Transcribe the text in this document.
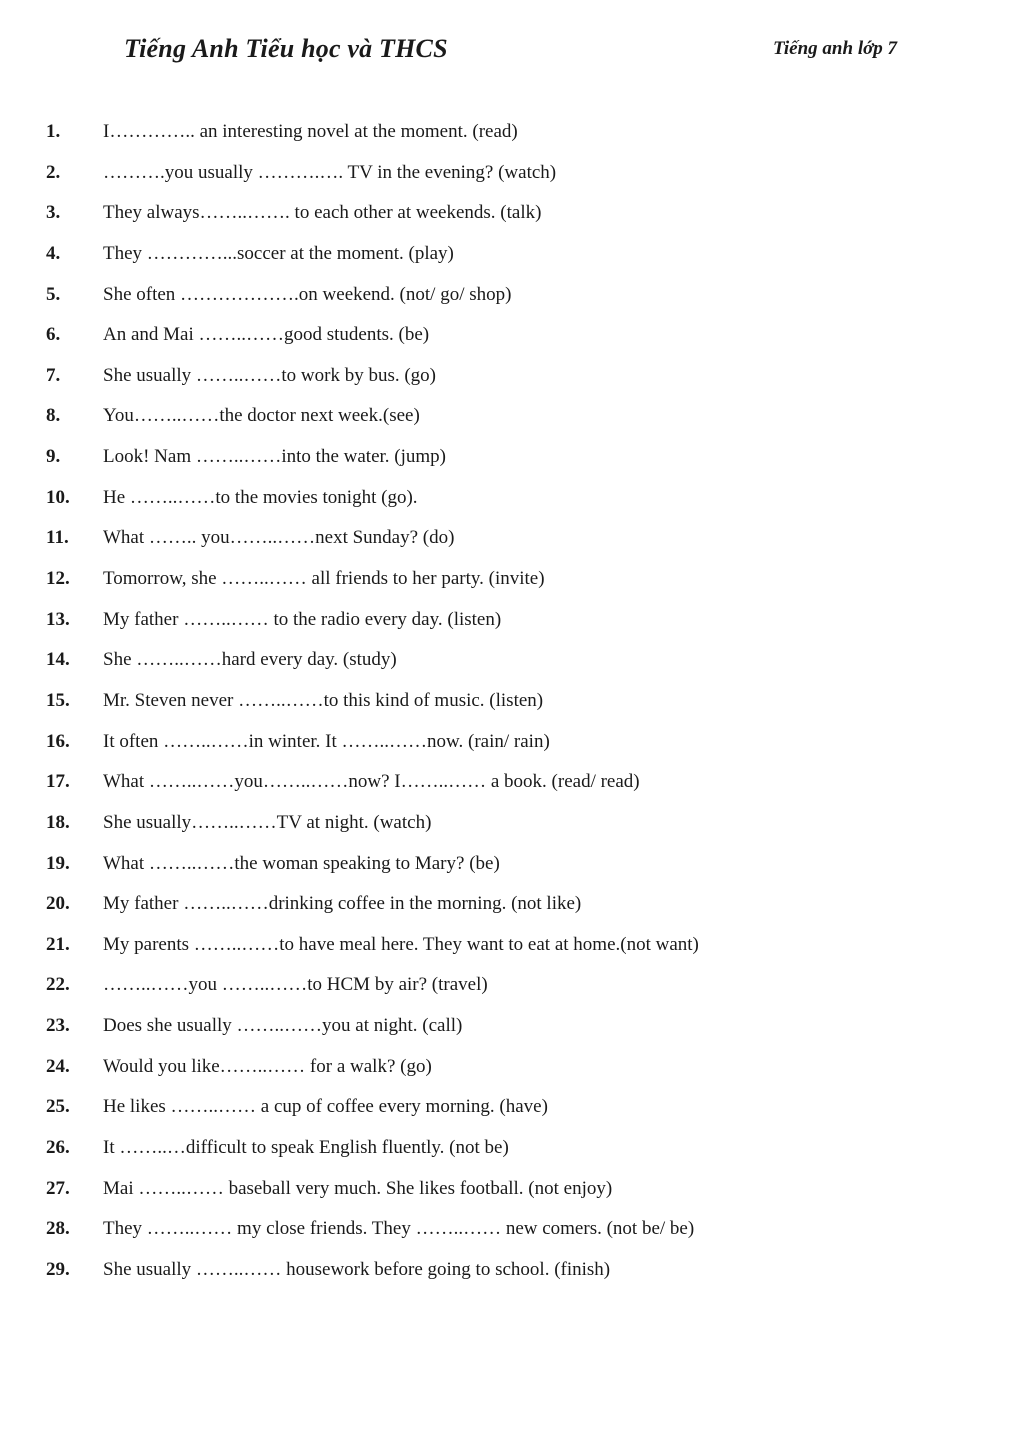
Tiếng Anh Tiểu học và THCS	Tiếng anh lớp 7
1. I………….. an interesting novel at the moment. (read)
2. ……….you usually ……….…. TV in the evening? (watch)
3. They always……..……. to each other at weekends. (talk)
4. They …………...soccer at the moment. (play)
5. She often ……………….on weekend. (not/ go/ shop)
6. An and Mai ……..……good students. (be)
7. She usually ……..……to work by bus. (go)
8. You……..……the doctor next week.(see)
9. Look! Nam ……..……into the water. (jump)
10. He ……..……to the movies tonight (go).
11. What …….. you……..……next Sunday? (do)
12. Tomorrow, she ……..…… all friends to her party. (invite)
13. My father ……..…… to the radio every day. (listen)
14. She ……..……hard every day. (study)
15. Mr. Steven never ……..……to this kind of music. (listen)
16. It often ……..……in winter. It ……..……now. (rain/ rain)
17. What ……..……you……..……now? I……..…… a book. (read/ read)
18. She usually……..……TV at night. (watch)
19. What ……..……the woman speaking to Mary? (be)
20. My father ……..……drinking coffee in the morning. (not like)
21. My parents ……..……to have meal here. They want to eat at home.(not want)
22. ……..……you ……..……to HCM by air? (travel)
23. Does she usually ……..……you at night. (call)
24. Would you like……..…… for a walk? (go)
25. He likes ……..…… a cup of coffee every morning. (have)
26. It ……..…difficult to speak English fluently. (not be)
27. Mai ……..…… baseball very much. She likes football. (not enjoy)
28. They ……..…… my close friends. They ……..…… new comers. (not be/ be)
29. She usually ……..…… housework before going to school. (finish)
